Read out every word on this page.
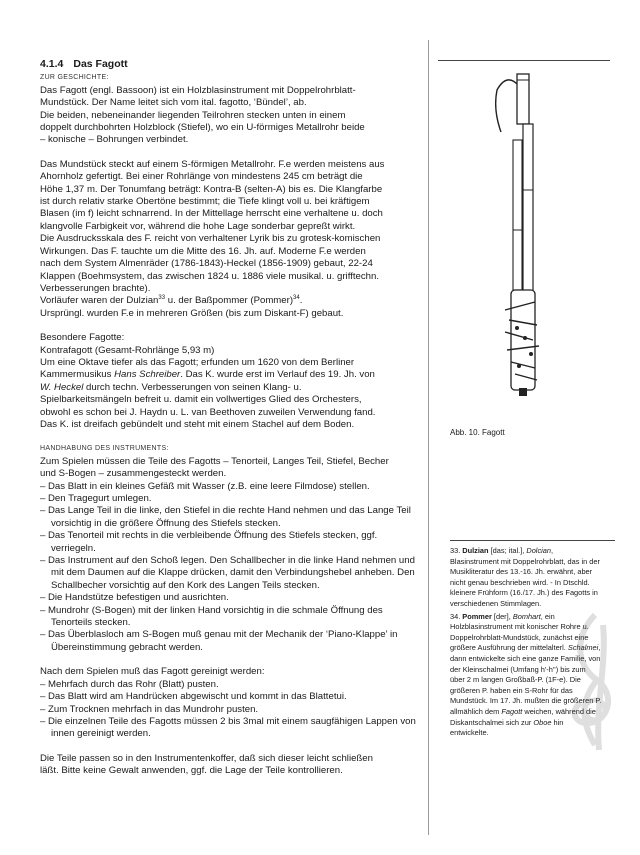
4.1.4 Das Fagott
ZUR GESCHICHTE:

Das Fagott (engl. Bassoon) ist ein Holzblasinstrument mit Doppelrohrblatt-

Mundstück. Der Name leitet sich vom ital. fagotto, ‘Bündel’, ab.

Die beiden, nebeneinander liegenden Teilrohren stecken unten in einem

doppelt durchbohrten Holzblock (Stiefel), wo ein U-förmiges Metallrohr beide

– konische – Bohrungen verbindet.

Das Mundstück steckt auf einem S-förmigen Metallrohr. F.e werden meistens aus

Ahornholz gefertigt. Bei einer Rohrlänge von mindestens 245 cm beträgt die

Höhe 1,37 m. Der Tonumfang beträgt: Kontra-B (selten-A) bis es. Die Klangfarbe

ist durch relativ starke Obertöne bestimmt; die Tiefe klingt voll u. bei kräftigem

Blasen (im f) leicht schnarrend. In der Mittellage herrscht eine verhaltene u. doch

klangvolle Farbigkeit vor, während die hohe Lage sonderbar gepreßt wirkt.

Die Ausdrucksskala des F. reicht von verhaltener Lyrik bis zu grotesk-komischen

Wirkungen. Das F. tauchte um die Mitte des 16. Jh. auf. Moderne F.e werden

nach dem System Almenräder (1786-1843)-Heckel (1856-1909) gebaut, 22-24

Klappen (Boehmsystem, das zwischen 1824 u. 1886 viele musikal. u. grifftechn.

Verbesserungen brachte).

Vorläufer waren der Dulzian$^{33}$ u. der Baßpommer (Pommer)$^{34}$.

Ursprüngl. wurden F.e in mehreren Größen (bis zum Diskant-F) gebaut.

Besondere Fagotte:

Kontrafagott (Gesamt-Rohrlänge 5,93 m)

Um eine Oktave tiefer als das Fagott; erfunden um 1620 von dem Berliner

Kammermusikus Hans Schreiber. Das K. wurde erst im Verlauf des 19. Jh. von

W. Heckel durch techn. Verbesserungen von seinen Klang- u.

Spielbarkeitsmängeln befreit u. damit ein vollwertiges Glied des Orchesters,

obwohl es schon bei J. Haydn u. L. van Beethoven zuweilen Verwendung fand.

Das K. ist dreifach gebündelt und steht mit einem Stachel auf dem Boden.

HANDHABUNG DES INSTRUMENTS:

Zum Spielen müssen die Teile des Fagotts – Tenorteil, Langes Teil, Stiefel, Becher

und S-Bogen – zusammengesteckt werden.

– Das Blatt in ein kleines Gefäß mit Wasser (z.B. eine leere Filmdose) stellen.

– Den Tragegurt umlegen.

– Das Lange Teil in die linke, den Stiefel in die rechte Hand nehmen und das Lange Teil vorsichtig in die größere Öffnung des Stiefels stecken.

– Das Tenorteil mit rechts in die verbleibende Öffnung des Stiefels stecken, ggf. verriegeln.

– Das Instrument auf den Schoß legen. Den Schallbecher in die linke Hand nehmen und mit dem Daumen auf die Klappe drücken, damit den Verbindungshebel anheben. Den Schallbecher vorsichtig auf den Kork des Langen Teils stecken.

– Die Handstütze befestigen und ausrichten.

– Mundrohr (S-Bogen) mit der linken Hand vorsichtig in die schmale Öffnung des Tenorteils stecken.

– Das Überblasloch am S-Bogen muß genau mit der Mechanik der ‘Piano-Klappe’ in Übereinstimmung gebracht werden.

Nach dem Spielen muß das Fagott gereinigt werden:

– Mehrfach durch das Rohr (Blatt) pusten.

– Das Blatt wird am Handrücken abgewischt und kommt in das Blattetui.

– Zum Trocknen mehrfach in das Mundrohr pusten.

– Die einzelnen Teile des Fagotts müssen 2 bis 3mal mit einem saugfähigen Lappen von innen gereinigt werden.

Die Teile passen so in den Instrumentenkoffer, daß sich dieser leicht schließen

läßt. Bitte keine Gewalt anwenden, ggf. die Lage der Teile kontrollieren.

Abb. 10. Fagott

33. Dulzian [das; ital.], Dolcian, Blasinstrument mit Doppelrohrblatt, das in der Musikliteratur des 13.-16. Jh. erwähnt, aber nicht genau beschrieben wird. - In Dtschld. kleinere Frühform (16./17. Jh.) des Fagotts in verschiedenen Stimmlagen.

34. Pommer [der], Bomhart, ein Holzblasinstrument mit konischer Rohre u. Doppelrohrblatt-Mundstück, zunächst eine größere Ausführung der mittelalterl. Schalmei, dann entwickelte sich eine ganze Familie, von der Kleinschalmei (Umfang h'-h'') bis zum über 2 m langen Großbaß-P. (1F-e). Die größeren P. haben ein S-Rohr für das Mundstück. Im 17. Jh. mußten die größeren P. allmählich dem Fagott weichen, während die Diskantschalmei sich zur Oboe hin entwickelte.
